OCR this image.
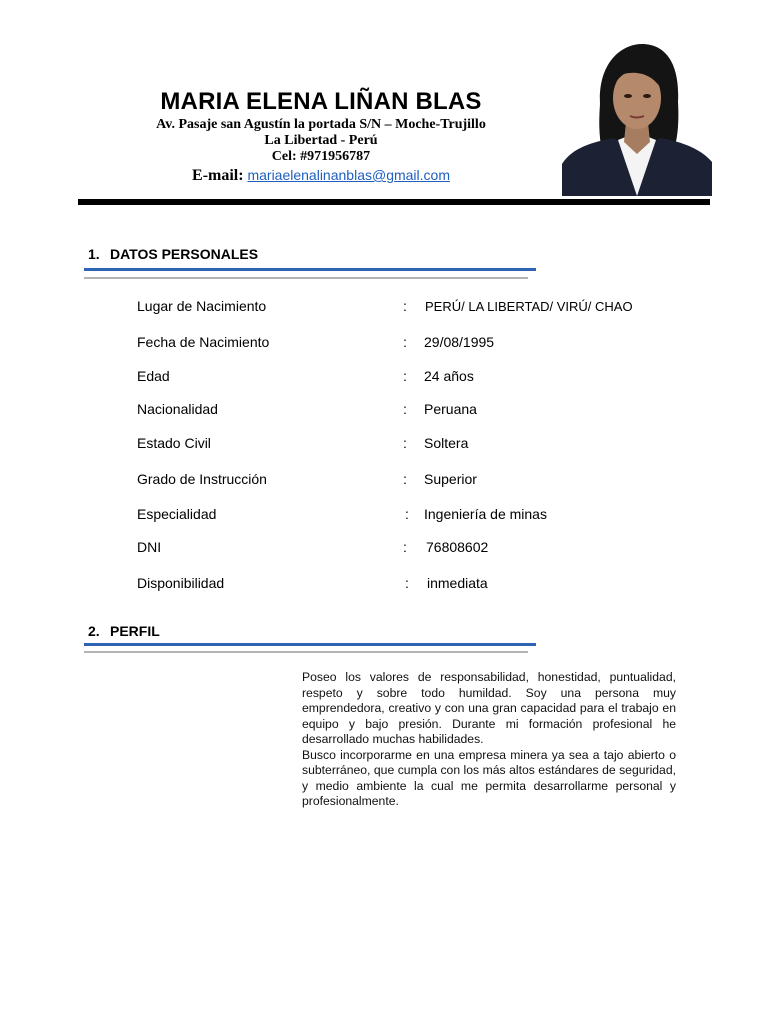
MARIA ELENA LIÑAN BLAS
Av. Pasaje san Agustín la portada S/N – Moche-Trujillo
La Libertad - Perú
Cel: #971956787
E-mail: mariaelenalinanblas@gmail.com
1. DATOS PERSONALES
Lugar de Nacimiento	: PERÚ/ LA LIBERTAD/ VIRÚ/ CHAO
Fecha de Nacimiento	: 29/08/1995
Edad	: 24 años
Nacionalidad	: Peruana
Estado Civil	: Soltera
Grado de Instrucción	: Superior
Especialidad	: Ingeniería de minas
DNI	: 76808602
Disponibilidad	: inmediata
2. PERFIL

Poseo los valores de responsabilidad, honestidad, puntualidad, respeto y sobre todo humildad. Soy una persona muy emprendedora, creativo y con una gran capacidad para el trabajo en equipo y bajo presión. Durante mi formación profesional he desarrollado muchas habilidades.

Busco incorporarme en una empresa minera ya sea a tajo abierto o subterráneo, que cumpla con los más altos estándares de seguridad, y medio ambiente la cual me permita desarrollarme personal y profesionalmente.
